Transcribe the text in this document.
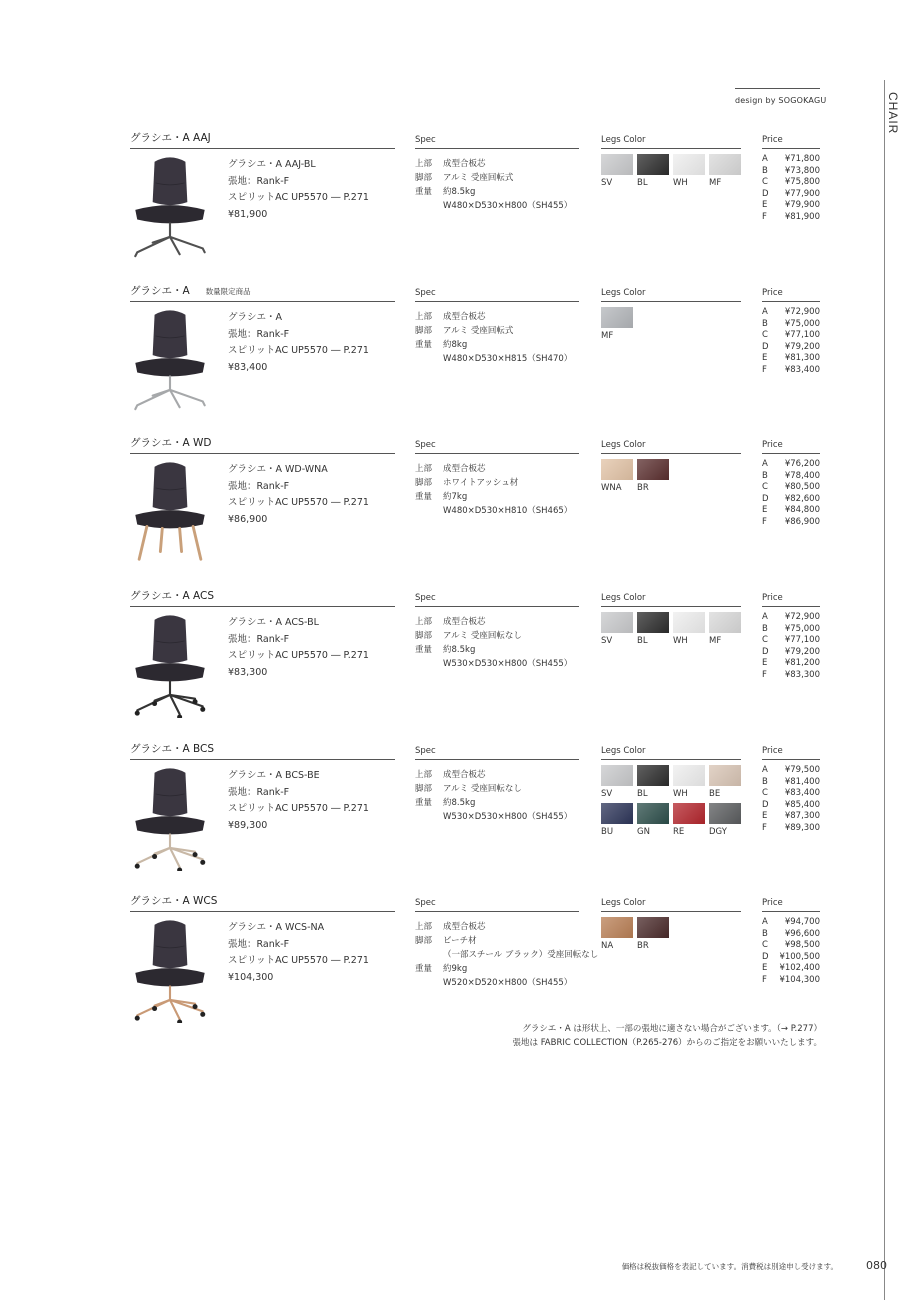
design by SOGOKAGU	CHAIR
グラシエ・A AAJ	Spec	Legs Color	Price
グラシエ・A AAJ-BL
張地：Rank-F
スピリットAC UP5570 ― P.271
¥81,900
上部 成型合板芯
脚部 アルミ 受座回転式
重量 約8.5kg
W480×D530×H800（SH455）
SV	BL	WH	MF
A ¥71,800
B ¥73,800
C ¥75,800
D ¥77,900
E ¥79,900
F ¥81,900
グラシエ・A 数量限定商品	Spec	Legs Color	Price
グラシエ・A
張地：Rank-F
スピリットAC UP5570 ― P.271
¥83,400
上部 成型合板芯
脚部 アルミ 受座回転式
重量 約8kg
W480×D530×H815（SH470）
MF
A ¥72,900
B ¥75,000
C ¥77,100
D ¥79,200
E ¥81,300
F ¥83,400
グラシエ・A WD	Spec	Legs Color	Price
グラシエ・A WD-WNA
張地：Rank-F
スピリットAC UP5570 ― P.271
¥86,900
上部 成型合板芯
脚部 ホワイトアッシュ材
重量 約7kg
W480×D530×H810（SH465）
WNA	BR
A ¥76,200
B ¥78,400
C ¥80,500
D ¥82,600
E ¥84,800
F ¥86,900
グラシエ・A ACS	Spec	Legs Color	Price
グラシエ・A ACS-BL
張地：Rank-F
スピリットAC UP5570 ― P.271
¥83,300
上部 成型合板芯
脚部 アルミ 受座回転なし
重量 約8.5kg
W530×D530×H800（SH455）
SV	BL	WH	MF
A ¥72,900
B ¥75,000
C ¥77,100
D ¥79,200
E ¥81,200
F ¥83,300
グラシエ・A BCS	Spec	Legs Color	Price
グラシエ・A BCS-BE
張地：Rank-F
スピリットAC UP5570 ― P.271
¥89,300
上部 成型合板芯
脚部 アルミ 受座回転なし
重量 約8.5kg
W530×D530×H800（SH455）
SV	BL	WH	BE
BU	GN	RE	DGY
A ¥79,500
B ¥81,400
C ¥83,400
D ¥85,400
E ¥87,300
F ¥89,300
グラシエ・A WCS	Spec	Legs Color	Price
グラシエ・A WCS-NA
張地：Rank-F
スピリットAC UP5570 ― P.271
¥104,300
上部 成型合板芯
脚部 ビーチ材
（一部スチール ブラック）受座回転なし
重量 約9kg
W520×D520×H800（SH455）
NA	BR
A ¥94,700
B ¥96,600
C ¥98,500
D ¥100,500
E ¥102,400
F ¥104,300
グラシエ・A は形状上、一部の張地に適さない場合がございます。（→ P.277）
張地は FABRIC COLLECTION（P.265-276）からのご指定をお願いいたします。
価格は税抜価格を表記しています。消費税は別途申し受けます。	080
